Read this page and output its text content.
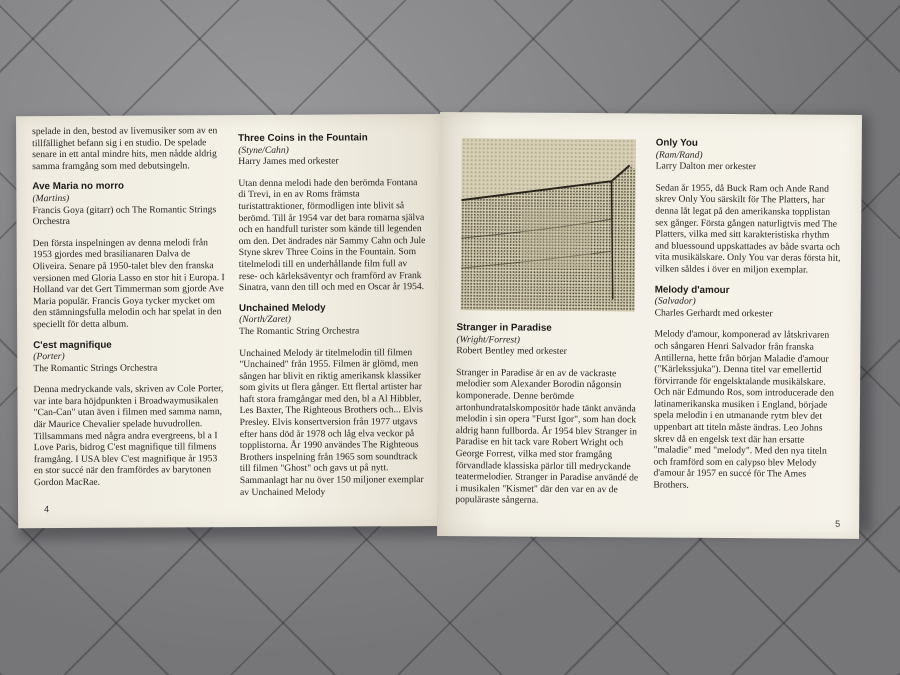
spelade in den, bestod av livemusiker som av en tillfällighet befann sig i en studio. De spelade senare in ett antal mindre hits, men nådde aldrig samma framgång som med debutsingeln.

Ave Maria no morro
(Martins)
Francis Goya (gitarr) och The Romantic Strings Orchestra

Den första inspelningen av denna melodi från 1953 gjordes med brasilianaren Dalva de Oliveira. Senare på 1950-talet blev den franska versionen med Gloria Lasso en stor hit i Europa. I Holland var det Gert Timmerman som gjorde Ave Maria populär. Francis Goya tycker mycket om den stämningsfulla melodin och har spelat in den speciellt för detta album.

C'est magnifique
(Porter)
The Romantic Strings Orchestra

Denna medryckande vals, skriven av Cole Porter, var inte bara höjdpunkten i Broadwaymusikalen "Can-Can" utan även i filmen med samma namn, där Maurice Chevalier spelade huvudrollen. Tillsammans med några andra evergreens, bl a I Love Paris, bidrog C'est magnifique till filmens framgång. I USA blev C'est magnifique år 1953 en stor succé när den framfördes av barytonen Gordon MacRae.

Three Coins in the Fountain
(Styne/Cahn)
Harry James med orkester

Utan denna melodi hade den berömda Fontana di Trevi, in en av Roms främsta turistattraktioner, förmodligen inte blivit så berömd. Till år 1954 var det bara romarna själva och en handfull turister som kände till legenden om den. Det ändrades när Sammy Cahn och Jule Styne skrev Three Coins in the Fountain. Som titelmelodi till en underhållande film full av rese- och kärleksäventyr och framförd av Frank Sinatra, vann den till och med en Oscar år 1954.

Unchained Melody
(North/Zaret)
The Romantic String Orchestra

Unchained Melody är titelmelodin till filmen "Unchained" från 1955. Filmen är glömd, men sången har blivit en riktig amerikansk klassiker som givits ut flera gånger. Ett flertal artister har haft stora framgångar med den, bl a Al Hibbler, Les Baxter, The Righteous Brothers och... Elvis Presley. Elvis konsertversion från 1977 utgavs efter hans död år 1978 och låg elva veckor på topplistorna. År 1990 användes The Righteous Brothers inspelning från 1965 som soundtrack till filmen "Ghost" och gavs ut på nytt. Sammanlagt har nu över 150 miljoner exemplar av Unchained Melody

4
Stranger in Paradise
(Wright/Forrest)
Robert Bentley med orkester

Stranger in Paradise är en av de vackraste melodier som Alexander Borodin någonsin komponerade. Denne berömde artonhundratalskompositör hade tänkt använda melodin i sin opera "Furst Igor", som han dock aldrig hann fullborda. År 1954 blev Stranger in Paradise en hit tack vare Robert Wright och George Forrest, vilka med stor framgång förvandlade klassiska pärlor till medryckande teatermelodier. Stranger in Paradise användé de i musikalen "Kismet" där den var en av de populäraste sångerna.

Only You
(Ram/Rand)
Larry Dalton mer orkester

Sedan år 1955, då Buck Ram och Ande Rand skrev Only You särskilt för The Platters, har denna låt legat på den amerikanska topplistan sex gånger. Första gången naturligtvis med The Platters, vilka med sitt karakteristiska rhythm and bluessound uppskattades av både svarta och vita musikälskare. Only You var deras första hit, vilken såldes i över en miljon exemplar.

Melody d'amour
(Salvador)
Charles Gerhardt med orkester

Melody d'amour, komponerad av låtskrivaren och sångaren Henri Salvador från franska Antillerna, hette från början Maladie d'amour ("Kärlekssjuka"). Denna titel var emellertid förvirrande för engelsktalande musikälskare. Och när Edmundo Ros, som introducerade den latinamerikanska musiken i England, började spela melodin i en utmanande rytm blev det uppenbart att titeln måste ändras. Leo Johns skrev då en engelsk text där han ersatte "maladie" med "melody". Med den nya titeln och framförd som en calypso blev Melody d'amour år 1957 en succé för The Ames Brothers.

5
